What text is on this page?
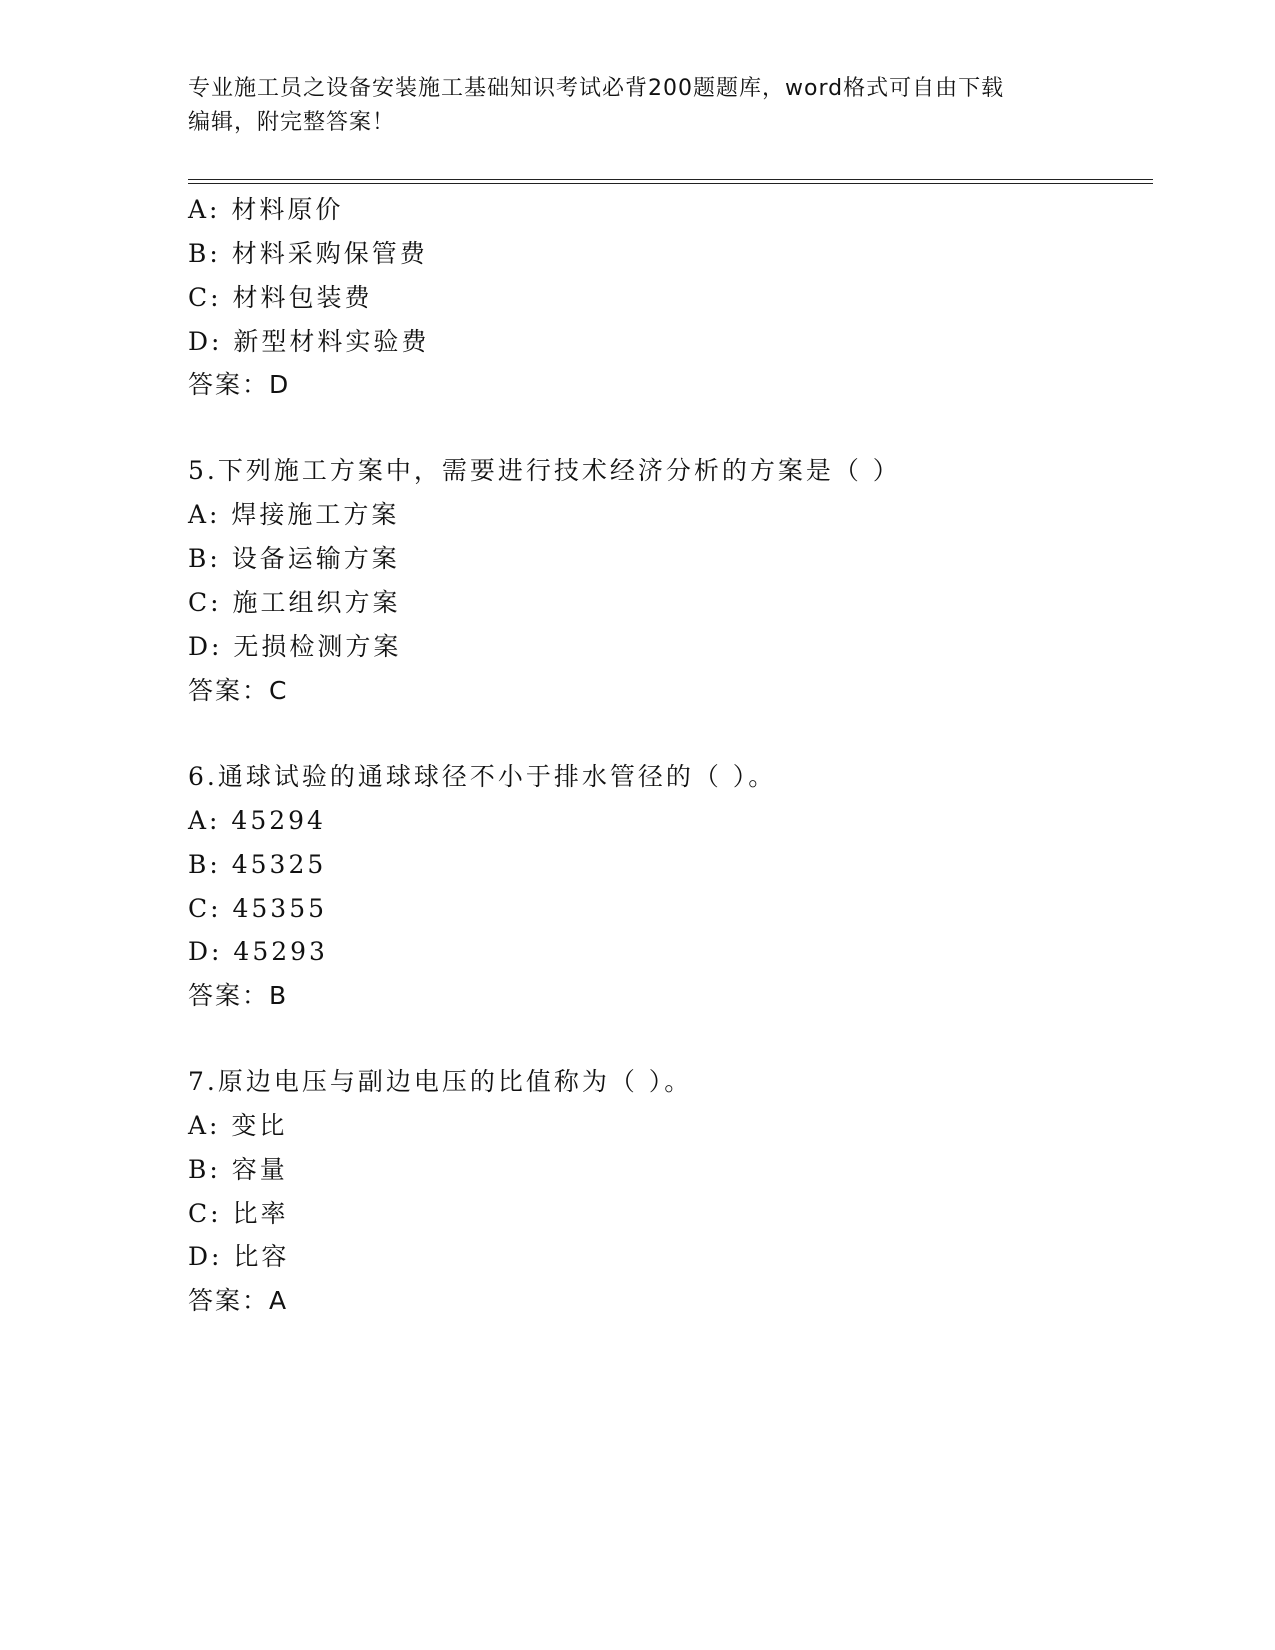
专业施工员之设备安装施工基础知识考试必背200题题库，word格式可自由下载
编辑，附完整答案！
A: 材料原价
B: 材料采购保管费
C: 材料包装费
D: 新型材料实验费
答案：D
5.下列施工方案中，需要进行技术经济分析的方案是（ ）
A: 焊接施工方案
B: 设备运输方案
C: 施工组织方案
D: 无损检测方案
答案：C
6.通球试验的通球球径不小于排水管径的（ ）。
A: 45294
B: 45325
C: 45355
D: 45293
答案：B
7.原边电压与副边电压的比值称为（ ）。
A: 变比
B: 容量
C: 比率
D: 比容
答案：A
